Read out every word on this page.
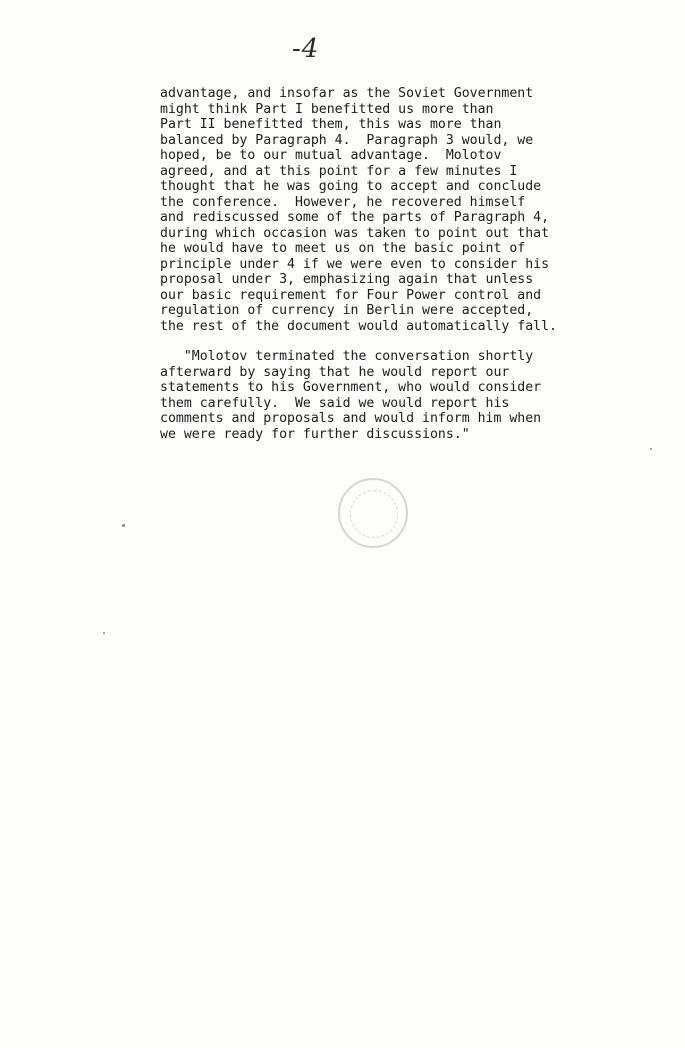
-4
advantage, and insofar as the Soviet Government
might think Part I benefitted us more than
Part II benefitted them, this was more than
balanced by Paragraph 4.  Paragraph 3 would, we
hoped, be to our mutual advantage.  Molotov
agreed, and at this point for a few minutes I
thought that he was going to accept and conclude
the conference.  However, he recovered himself
and rediscussed some of the parts of Paragraph 4,
during which occasion was taken to point out that
he would have to meet us on the basic point of
principle under 4 if we were even to consider his
proposal under 3, emphasizing again that unless
our basic requirement for Four Power control and
regulation of currency in Berlin were accepted,
the rest of the document would automatically fall.
"Molotov terminated the conversation shortly
afterward by saying that he would report our
statements to his Government, who would consider
them carefully.  We said we would report his
comments and proposals and would inform him when
we were ready for further discussions."
